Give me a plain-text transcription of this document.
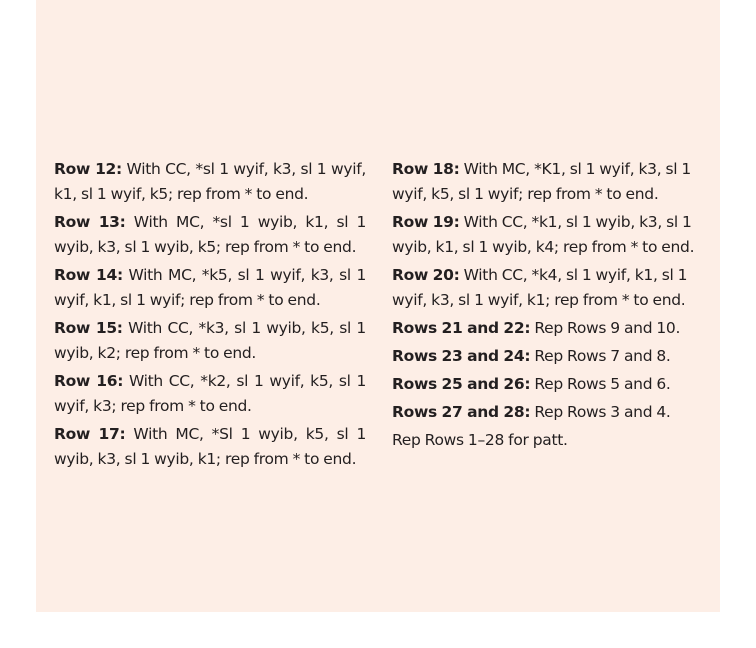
Row 12: With CC, *sl 1 wyif, k3, sl 1 wyif, k1, sl 1 wyif, k5; rep from * to end.

Row 13: With MC, *sl 1 wyib, k1, sl 1 wyib, k3, sl 1 wyib, k5; rep from * to end.

Row 14: With MC, *k5, sl 1 wyif, k3, sl 1 wyif, k1, sl 1 wyif; rep from * to end.

Row 15: With CC, *k3, sl 1 wyib, k5, sl 1 wyib, k2; rep from * to end.

Row 16: With CC, *k2, sl 1 wyif, k5, sl 1 wyif, k3; rep from * to end.

Row 17: With MC, *Sl 1 wyib, k5, sl 1 wyib, k3, sl 1 wyib, k1; rep from * to end.

Row 18: With MC, *K1, sl 1 wyif, k3, sl 1 wyif, k5, sl 1 wyif; rep from * to end.

Row 19: With CC, *k1, sl 1 wyib, k3, sl 1 wyib, k1, sl 1 wyib, k4; rep from * to end.

Row 20: With CC, *k4, sl 1 wyif, k1, sl 1 wyif, k3, sl 1 wyif, k1; rep from * to end.

Rows 21 and 22: Rep Rows 9 and 10.

Rows 23 and 24: Rep Rows 7 and 8.

Rows 25 and 26: Rep Rows 5 and 6.

Rows 27 and 28: Rep Rows 3 and 4.

Rep Rows 1–28 for patt.
